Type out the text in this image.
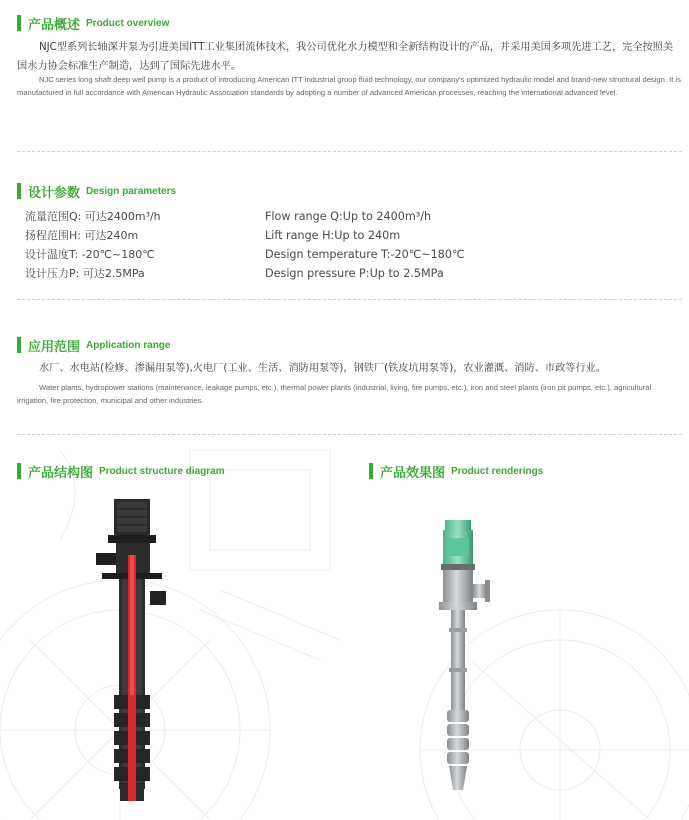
产品概述 Product overview

NJC型系列长轴深井泵为引进美国ITT工业集团流体技术，我公司优化水力模型和全新结构设计的产品，并采用美国多项先进工艺，完全按照美国水力协会标准生产制造，达到了国际先进水平。

NJC series long shaft deep well pump is a product of introducing American ITT industrial group fluid technology, our company's optimized hydraulic model and brand-new structural design. It is manufactured in full accordance with American Hydraulic Association standards by adopting a number of advanced American processes, reaching the international advanced level.

设计参数 Design parameters
流量范围Q: 可达2400m³/h
扬程范围H: 可达240m
设计温度T: -20℃~180℃
设计压力P: 可达2.5MPa
Flow range Q:Up to 2400m³/h
Lift range H:Up to 240m
Design temperature T:-20℃~180℃
Design pressure P:Up to 2.5MPa
应用范围 Application range

水厂、水电站(检修、渗漏用泵等),火电厂(工业、生活、消防用泵等)，钢铁厂(铁皮坑用泵等)，农业灌溉、消防、市政等行业。

Water plants, hydropower stations (maintenance, leakage pumps, etc.), thermal power plants (industrial, living, fire pumps, etc.), iron and steel plants (iron pit pumps, etc.), agricultural irrigation, fire protection, municipal and other industries.

产品结构图 Product structure diagram	产品效果图 Product renderings
